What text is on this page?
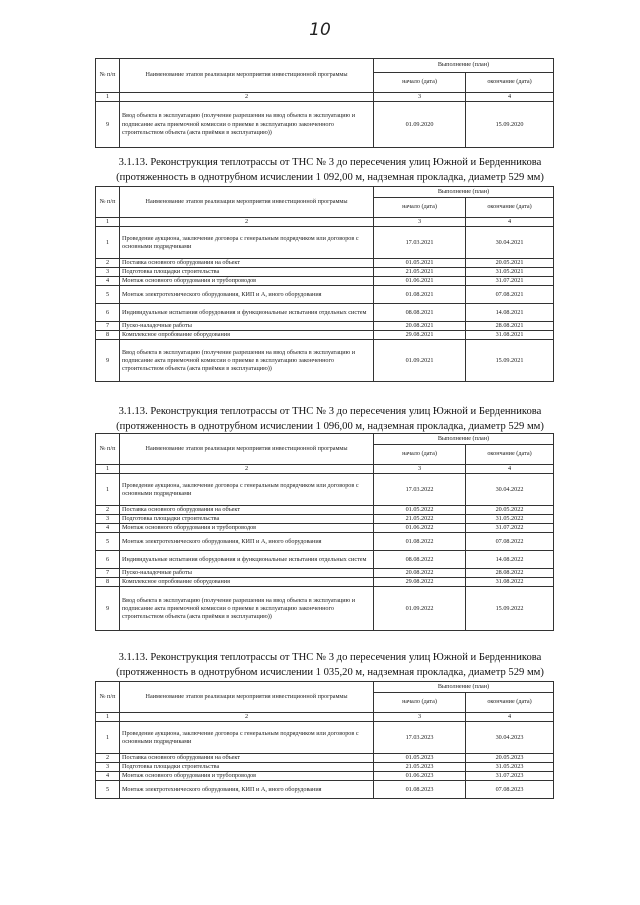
10
№ п/п	Наименование этапов реализации мероприятия инвестиционной программы	Выполнение (план)	
		начало (дата)	окончание (дата)
1	2	3	4
9	Ввод объекта в эксплуатацию (получение разрешения на ввод объекта в эксплуатацию и подписание акта приемочной комиссии о приемке в эксплуатацию законченного строительством объекта (акта приёмки в эксплуатацию))	01.09.2020	15.09.2020
3.1.13. Реконструкция теплотрассы от ТНС № 3 до пересечения улиц Южной и Берденникова (протяженность в однотрубном исчислении 1 092,00 м, надземная прокладка, диаметр 529 мм)
№ п/п	Наименование этапов реализации мероприятия инвестиционной программы	Выполнение (план)	
		начало (дата)	окончание (дата)
1	2	3	4
1	Проведение аукциона, заключение договора с генеральным подрядчиком или договоров с основными подрядчиками	17.03.2021	30.04.2021
2	Поставка основного оборудования на объект	01.05.2021	20.05.2021
3	Подготовка площадки строительства	21.05.2021	31.05.2021
4	Монтаж основного оборудования и трубопроводов	01.06.2021	31.07.2021
5	Монтаж электротехнического оборудования, КИП и А, иного оборудования	01.08.2021	07.08.2021
6	Индивидуальные испытания оборудования и функциональные испытания отдельных систем	08.08.2021	14.08.2021
7	Пуско-наладочные работы	20.08.2021	28.08.2021
8	Комплексное опробование оборудования	29.08.2021	31.08.2021
9	Ввод объекта в эксплуатацию (получение разрешения на ввод объекта в эксплуатацию и подписание акта приемочной комиссии о приемке в эксплуатацию законченного строительством объекта (акта приёмки в эксплуатацию))	01.09.2021	15.09.2021
3.1.13. Реконструкция теплотрассы от ТНС № 3 до пересечения улиц Южной и Берденникова (протяженность в однотрубном исчислении 1 096,00 м, надземная прокладка, диаметр 529 мм)
№ п/п	Наименование этапов реализации мероприятия инвестиционной программы	Выполнение (план)	
		начало (дата)	окончание (дата)
1	2	3	4
1	Проведение аукциона, заключение договора с генеральным подрядчиком или договоров с основными подрядчиками	17.03.2022	30.04.2022
2	Поставка основного оборудования на объект	01.05.2022	20.05.2022
3	Подготовка площадки строительства	21.05.2022	31.05.2022
4	Монтаж основного оборудования и трубопроводов	01.06.2022	31.07.2022
5	Монтаж электротехнического оборудования, КИП и А, иного оборудования	01.08.2022	07.08.2022
6	Индивидуальные испытания оборудования и функциональные испытания отдельных систем	08.08.2022	14.08.2022
7	Пуско-наладочные работы	20.08.2022	28.08.2022
8	Комплексное опробование оборудования	29.08.2022	31.08.2022
9	Ввод объекта в эксплуатацию (получение разрешения на ввод объекта в эксплуатацию и подписание акта приемочной комиссии о приемке в эксплуатацию законченного строительством объекта (акта приёмки в эксплуатацию))	01.09.2022	15.09.2022
3.1.13. Реконструкция теплотрассы от ТНС № 3 до пересечения улиц Южной и Берденникова (протяженность в однотрубном исчислении 1 035,20 м, надземная прокладка, диаметр 529 мм)
№ п/п	Наименование этапов реализации мероприятия инвестиционной программы	Выполнение (план)	
		начало (дата)	окончание (дата)
1	2	3	4
1	Проведение аукциона, заключение договора с генеральным подрядчиком или договоров с основными подрядчиками	17.03.2023	30.04.2023
2	Поставка основного оборудования на объект	01.05.2023	20.05.2023
3	Подготовка площадки строительства	21.05.2023	31.05.2023
4	Монтаж основного оборудования и трубопроводов	01.06.2023	31.07.2023
5	Монтаж электротехнического оборудования, КИП и А, иного оборудования	01.08.2023	07.08.2023
